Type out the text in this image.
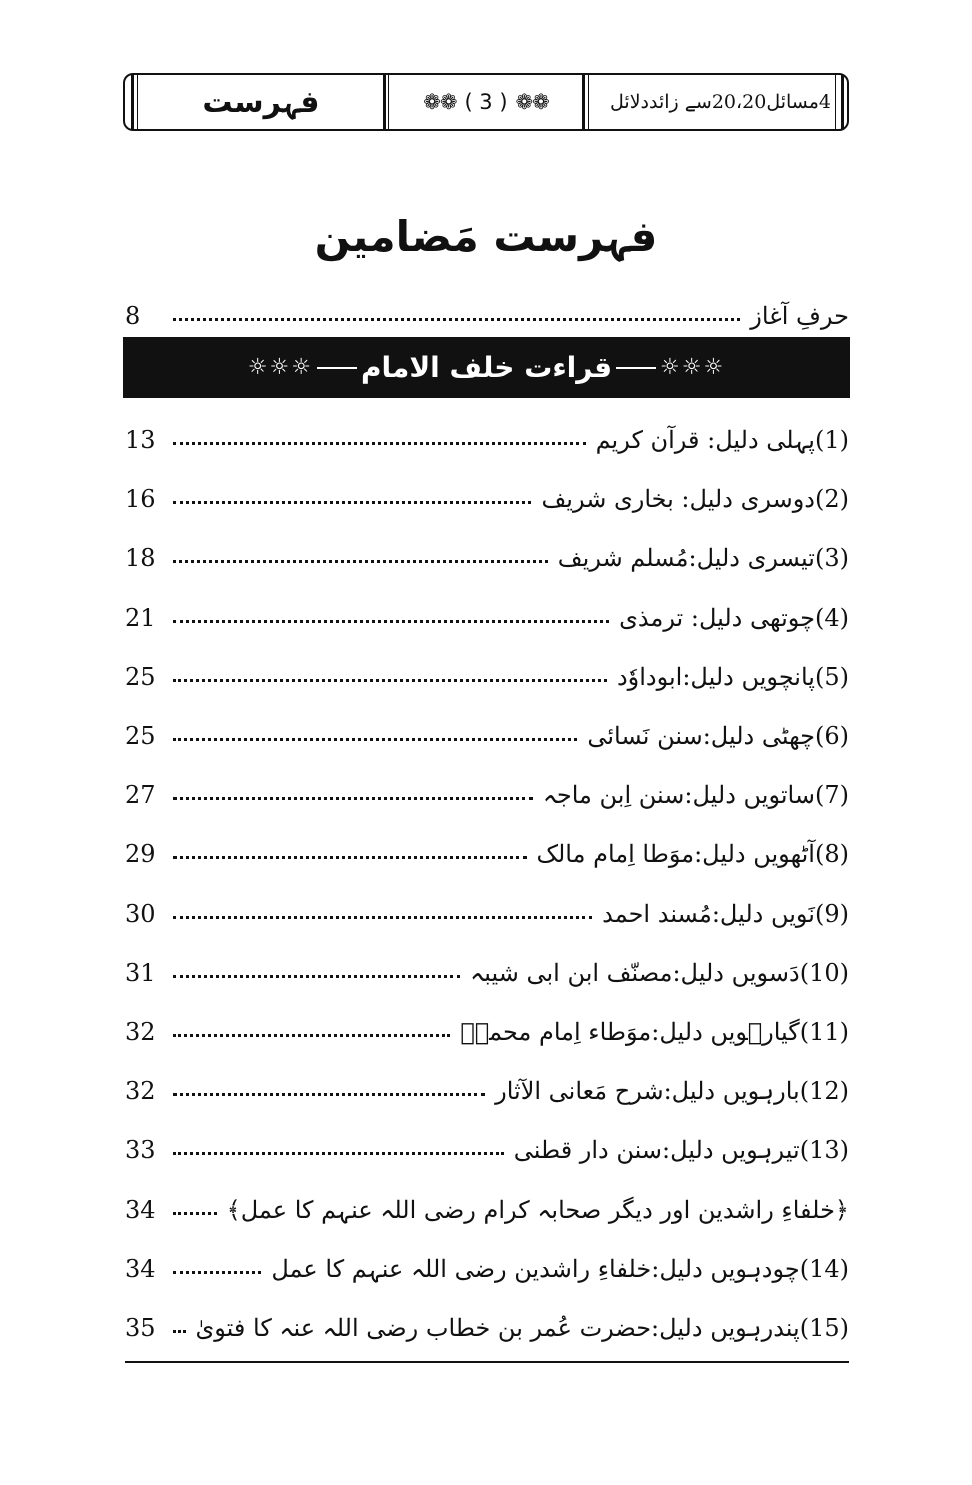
فہرست	❁❁ ( 3 ) ❁❁	4مسائل20،20سے زائددلائل
فہرست مَضامین
حرفِ آغاز
8
☼☼☼ قراءت خلف الامام ☼☼☼
(1)پہلی دلیل: قرآن کریم
13
(2)دوسری دلیل: بخاری شریف
16
(3)تیسری دلیل:مُسلم شریف
18
(4)چوتھی دلیل: ترمذی
21
(5)پانچویں دلیل:ابوداوٗد
25
(6)چھٹی دلیل:سنن نَسائی
25
(7)ساتویں دلیل:سنن اِبن ماجہ
27
(8)آٹھویں دلیل:موَطا اِمام مالک
29
(9)نَویں دلیل:مُسند احمد
30
(10)دَسویں دلیل:مصنّف ابن ابی شیبہ
31
(11)گیارہویں دلیل:موَطاء اِمام محمدؒ
32
(12)بارہویں دلیل:شرح مَعانی الآثار
32
(13)تیرہویں دلیل:سنن دار قطنی
33
﴿خلفاءِ راشدین اور دیگر صحابہ کرام رضی اللہ عنہم کا عمل﴾
34
(14)چودہویں دلیل:خلفاءِ راشدین رضی اللہ عنہم کا عمل
34
(15)پندرہویں دلیل:حضرت عُمر بن خطاب رضی اللہ عنہ کا فتویٰ
35
